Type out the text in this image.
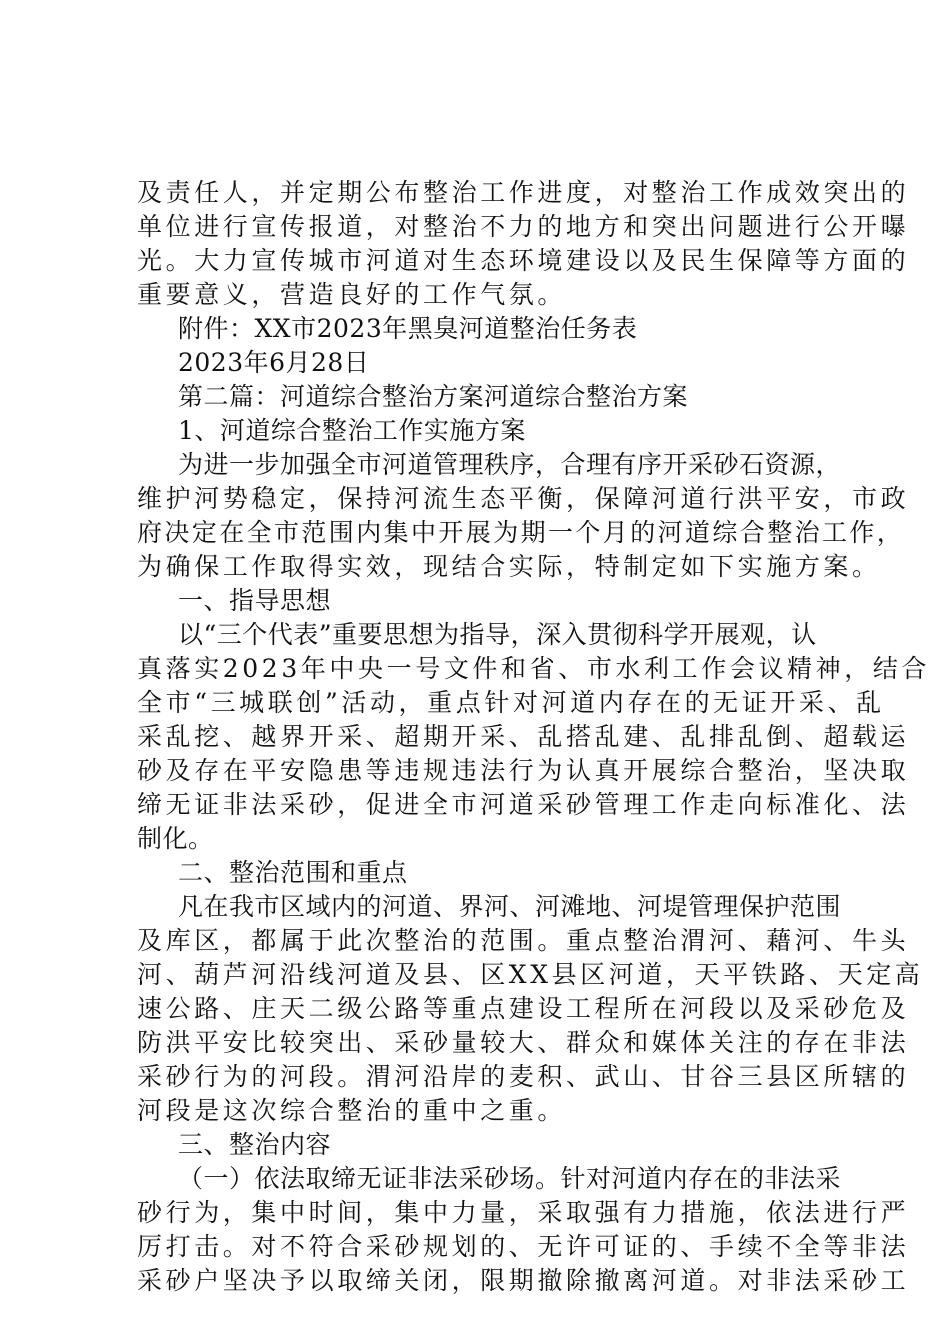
及责任人，并定期公布整治工作进度，对整治工作成效突出的
单位进行宣传报道，对整治不力的地方和突出问题进行公开曝
光。大力宣传城市河道对生态环境建设以及民生保障等方面的
重要意义，营造良好的工作气氛。
附件：XX市2023年黑臭河道整治任务表
2023年6月28日
第二篇：河道综合整治方案河道综合整治方案
1、河道综合整治工作实施方案
为进一步加强全市河道管理秩序，合理有序开采砂石资源，
维护河势稳定，保持河流生态平衡，保障河道行洪平安，市政
府决定在全市范围内集中开展为期一个月的河道综合整治工作，
为确保工作取得实效，现结合实际，特制定如下实施方案。
一、指导思想
以“三个代表”重要思想为指导，深入贯彻科学开展观，认
真落实2023年中央一号文件和省、市水利工作会议精神，结合
全市“三城联创”活动，重点针对河道内存在的无证开采、乱
采乱挖、越界开采、超期开采、乱搭乱建、乱排乱倒、超载运
砂及存在平安隐患等违规违法行为认真开展综合整治，坚决取
缔无证非法采砂，促进全市河道采砂管理工作走向标准化、法
制化。
二、整治范围和重点
凡在我市区域内的河道、界河、河滩地、河堤管理保护范围
及库区，都属于此次整治的范围。重点整治渭河、藉河、牛头
河、葫芦河沿线河道及县、区XX县区河道，天平铁路、天定高
速公路、庄天二级公路等重点建设工程所在河段以及采砂危及
防洪平安比较突出、采砂量较大、群众和媒体关注的存在非法
采砂行为的河段。渭河沿岸的麦积、武山、甘谷三县区所辖的
河段是这次综合整治的重中之重。
三、整治内容
（一）依法取缔无证非法采砂场。针对河道内存在的非法采
砂行为，集中时间，集中力量，采取强有力措施，依法进行严
厉打击。对不符合采砂规划的、无许可证的、手续不全等非法
采砂户坚决予以取缔关闭，限期撤除撤离河道。对非法采砂工
